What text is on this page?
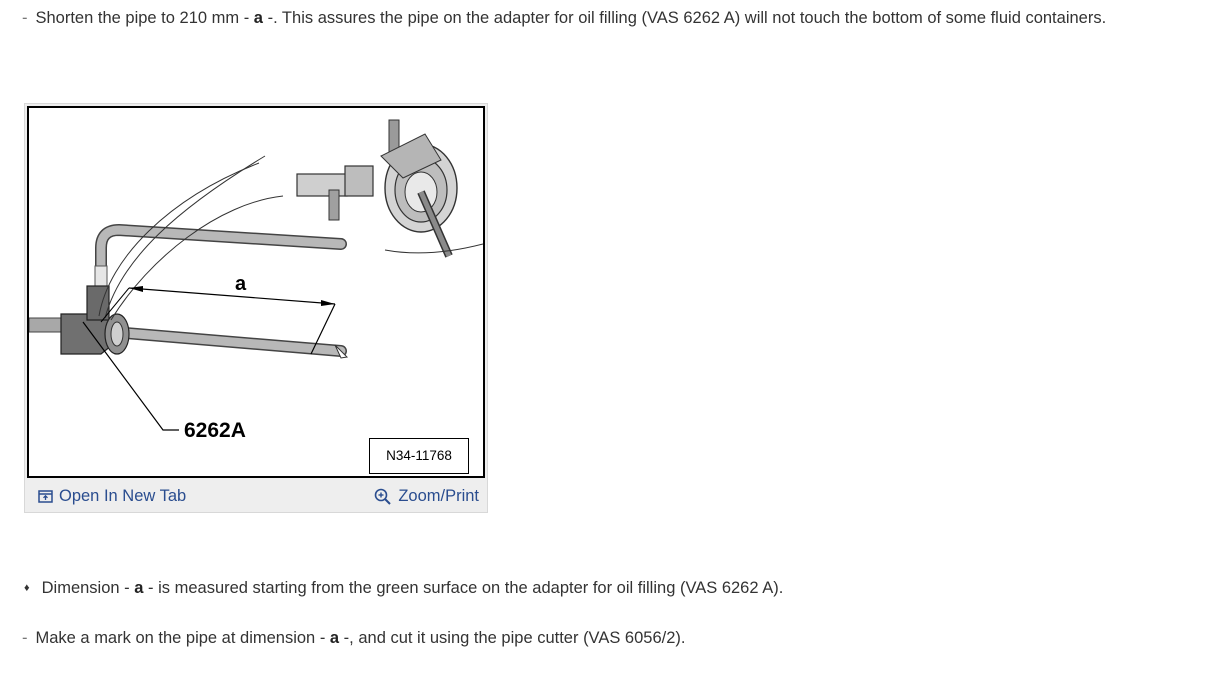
- Shorten the pipe to 210 mm - a -. This assures the pipe on the adapter for oil filling (VAS 6262 A) will not touch the bottom of some fluid containers.
a
6262A
N34-11768
Open In New Tab	Zoom/Print
♦ Dimension - a - is measured starting from the green surface on the adapter for oil filling (VAS 6262 A).
- Make a mark on the pipe at dimension - a -, and cut it using the pipe cutter (VAS 6056/2).
